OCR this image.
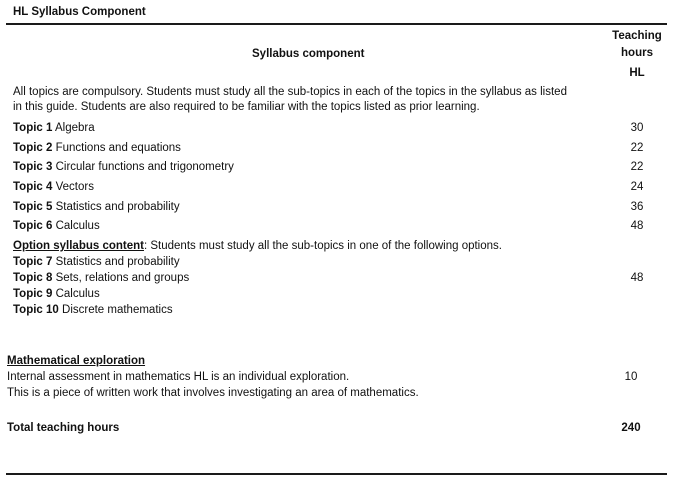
HL Syllabus Component
Syllabus component
Teaching
hours
HL
All topics are compulsory. Students must study all the sub-topics in each of the topics in the syllabus as listed
in this guide. Students are also required to be familiar with the topics listed as prior learning.
Topic 1 Algebra	30
Topic 2 Functions and equations	22
Topic 3 Circular functions and trigonometry	22
Topic 4 Vectors	24
Topic 5 Statistics and probability	36
Topic 6 Calculus	48
Option syllabus content: Students must study all the sub-topics in one of the following options.
Topic 7 Statistics and probability
Topic 8 Sets, relations and groups	48
Topic 9 Calculus
Topic 10 Discrete mathematics
Mathematical exploration
Internal assessment in mathematics HL is an individual exploration.	10
This is a piece of written work that involves investigating an area of mathematics.
Total teaching hours	240
